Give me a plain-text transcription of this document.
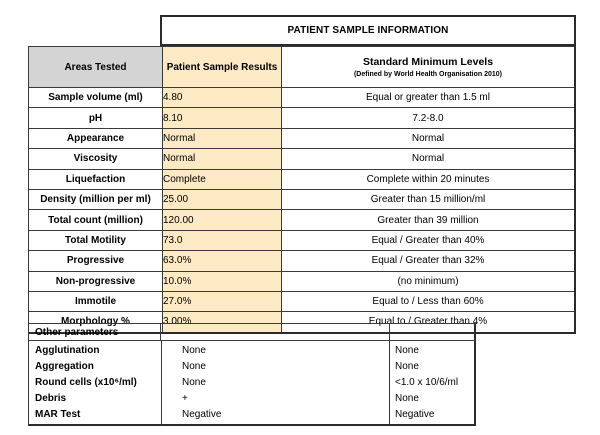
PATIENT SAMPLE INFORMATION
Areas Tested	Patient Sample Results	Standard Minimum Levels
(Defined by World Health Organisation 2010)

Sample volume (ml)	4.80	Equal or greater than 1.5 ml
pH	8.10	7.2-8.0
Appearance	Normal	Normal
Viscosity	Normal	Normal
Liquefaction	Complete	Complete within 20 minutes
Density (million per ml)	25.00	Greater than 15 million/ml
Total count (million)	120.00	Greater than 39 million
Total Motility	73.0	Equal / Greater than 40%
Progressive	63.0%	Equal / Greater than 32%
Non-progressive	10.0%	(no minimum)
Immotile	27.0%	Equal to / Less than 60%
Morphology %	3.00%	Equal to / Greater than 4%
Other parameters
Agglutination	None	None
Aggregation	None	None
Round cells (x10⁶/ml)	None	<1.0 x 10/6/ml
Debris	+	None
MAR Test	Negative	Negative
